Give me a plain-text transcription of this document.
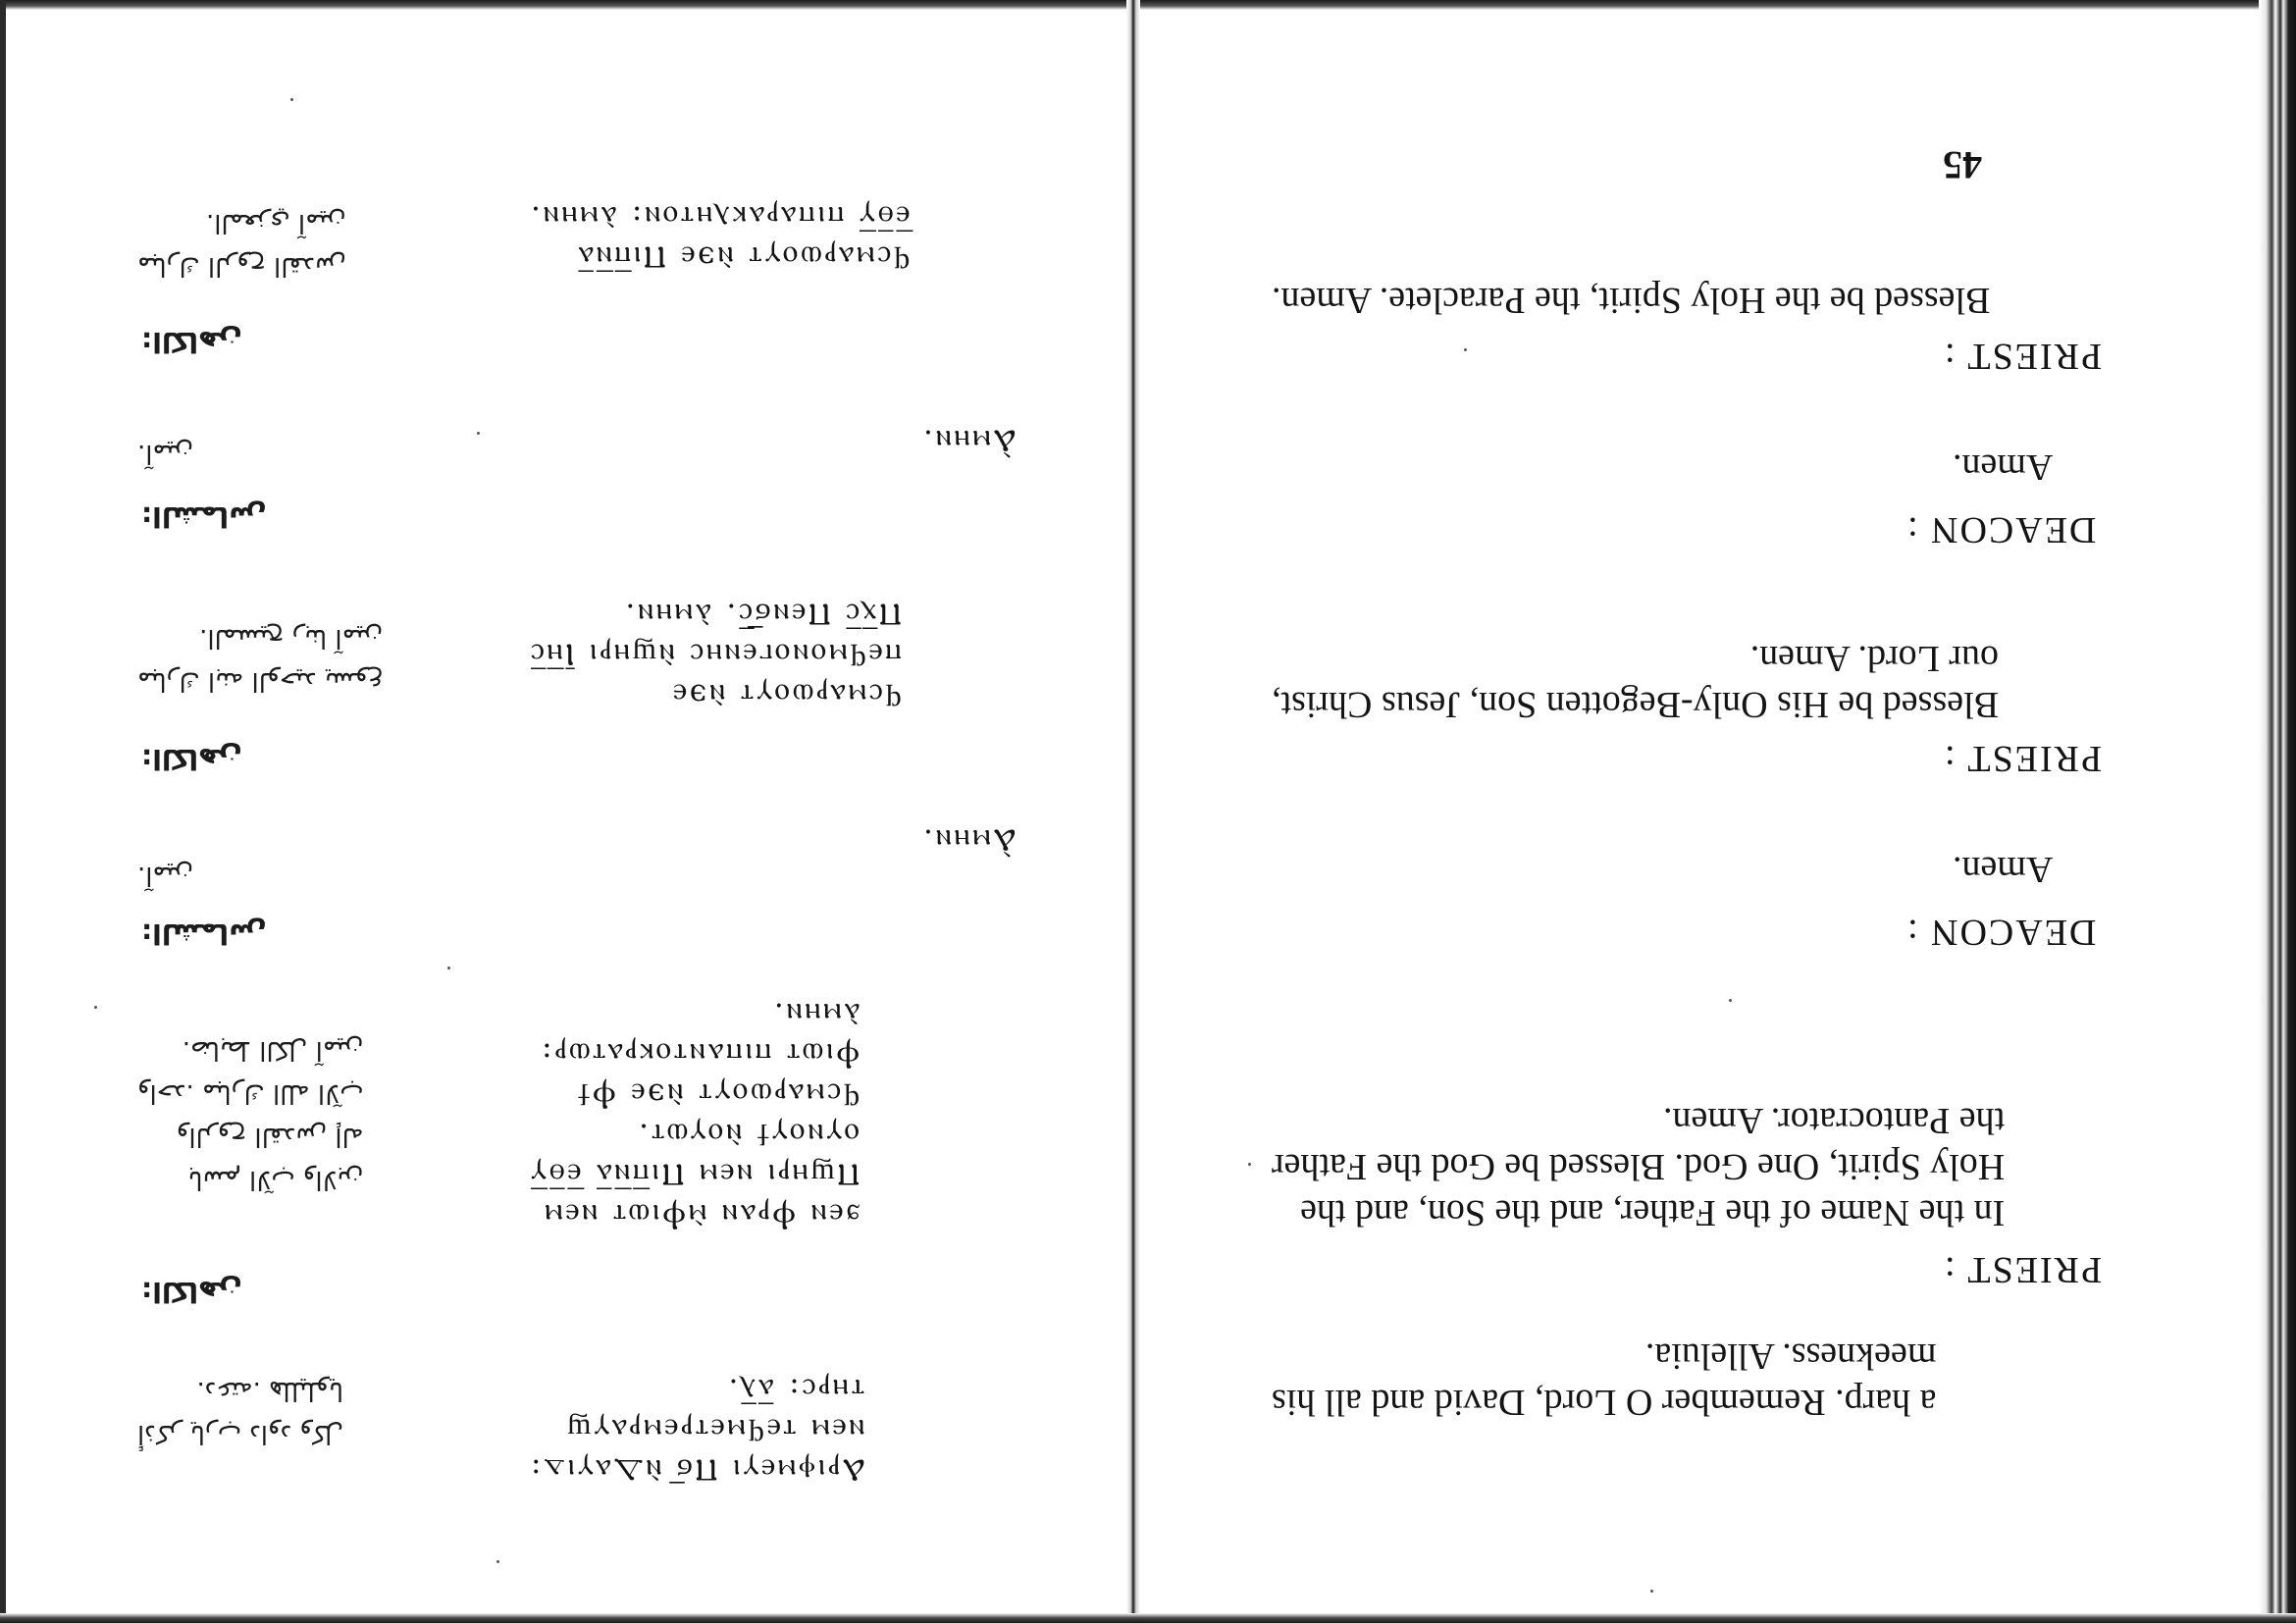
Ⲁⲣⲓⲫⲙⲉⲩⲓ Ⲡϭ̅ ⲛ̀Ⲇⲁⲩⲓⲇ:
ⲛⲉⲙ ⲧⲉϥⲙⲉⲧⲣⲉⲙⲣⲁⲩϣ
ⲧⲏⲣⲥ: ⲁ̅ⲗ̅.
ϧⲉⲛ Ⲫⲣⲁⲛ ⲙ̀Ⲫⲓⲱⲧ ⲛⲉⲙ
Ⲡϣⲏⲣⲓ ⲛⲉⲙ Ⲡⲓⲡ̅ⲛ̅ⲁ̅ ⲉ̅ⲑ̅ⲩ̅
ⲟⲩⲛⲟⲩϯ ⲛ̀ⲟⲩⲱⲧ.
ϥⲥⲙⲁⲣⲱⲟⲩⲧ ⲛ̀϶ⲉ Ⲫϯ
Ⲫⲓⲱⲧ ⲡⲓⲡⲁⲛⲧⲟⲕⲣⲁⲧⲱⲣ:
ⲁ̀ⲙⲏⲛ.
Ⲁ̀ⲙⲏⲛ.
ϥⲥⲙⲁⲣⲱⲟⲩⲧ ⲛ̀϶ⲉ
ⲡⲉϥⲙⲟⲛⲟⲅⲉⲛⲏⲥ ⲛ̀ϣⲏⲣⲓ Ⲓ̅ⲏ̅ⲥ̅
Ⲡⲭ̅ⲥ̅ Ⲡⲉⲛϭ̅ⲥ̅. ⲁ̀ⲙⲏⲛ.
Ⲁ̀ⲙⲏⲛ.
ϥⲥⲙⲁⲣⲱⲟⲩⲧ ⲛ̀϶ⲉ Ⲡⲓⲡ̅ⲛ̅ⲁ̅
ⲉ̅ⲑ̅ⲩ̅ ⲡⲓⲡⲁⲣⲁⲕⲗⲏⲧⲟⲛ: ⲁ̀ⲙⲏⲛ.
أذكر يارب داود وكل
دعته. هلليلويا.
الكاهن:
باسم الآب والابن
والروح القدس إله
واحد. مبارك الله الآب
ضابط الكل آمين.
الشماس:
آمين.
الكاهن:
مبارك ابنه الوحيد يسوع
المسيح ربنا آمين.
الشماس:
آمين.
الكاهن:
مبارك الروح القدس
المعزي آمين.
45
a harp. Remember O Lord, David and all his
meekness. Alleluia.
PRIEST :
In the Name of the Father, and the Son, and the
Holy Spirit, One God. Blessed be God the Father
the Pantocrator. Amen.
DEACON :
Amen.
PRIEST :
Blessed be His Only-Begotten Son, Jesus Christ,
our Lord. Amen.
DEACON :
Amen.
PRIEST :
Blessed be the Holy Spirit, the Paraclete. Amen.
